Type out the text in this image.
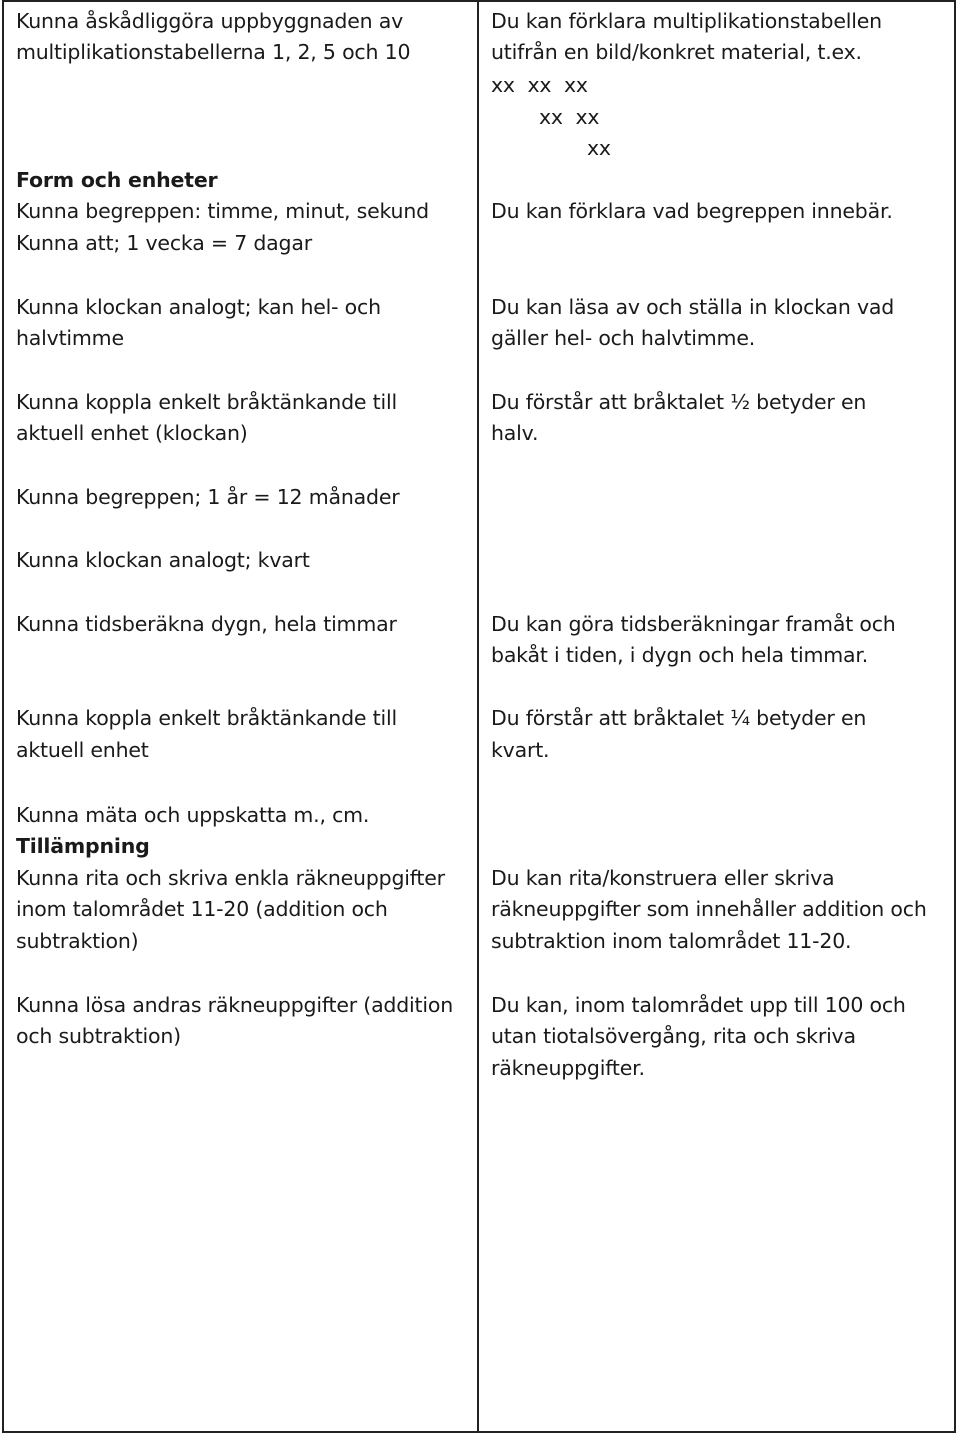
Kunna åskådliggöra uppbyggnaden av

multiplikationstabellerna 1, 2, 5 och 10

Form och enheter

Kunna begreppen: timme, minut, sekund

Kunna att; 1 vecka = 7 dagar

Kunna klockan analogt; kan hel- och

halvtimme

Kunna koppla enkelt bråktänkande till

aktuell enhet (klockan)

Kunna begreppen; 1 år = 12 månader

Kunna klockan analogt; kvart

Kunna tidsberäkna dygn, hela timmar

Kunna koppla enkelt bråktänkande till

aktuell enhet

Kunna mäta och uppskatta m., cm.

Tillämpning

Kunna rita och skriva enkla räkneuppgifter

inom talområdet 11-20 (addition och

subtraktion)

Kunna lösa andras räkneuppgifter (addition

och subtraktion)

Du kan förklara multiplikationstabellen

utifrån en bild/konkret material, t.ex.

xx  xx  xx

xx  xx

xx

Du kan förklara vad begreppen innebär.

Du kan läsa av och ställa in klockan vad

gäller hel- och halvtimme.

Du förstår att bråktalet ½ betyder en

halv.

Du kan göra tidsberäkningar framåt och

bakåt i tiden, i dygn och hela timmar.

Du förstår att bråktalet ¼ betyder en

kvart.

Du kan rita/konstruera eller skriva

räkneuppgifter som innehåller addition och

subtraktion inom talområdet 11-20.

Du kan, inom talområdet upp till 100 och

utan tiotalsövergång, rita och skriva

räkneuppgifter.
